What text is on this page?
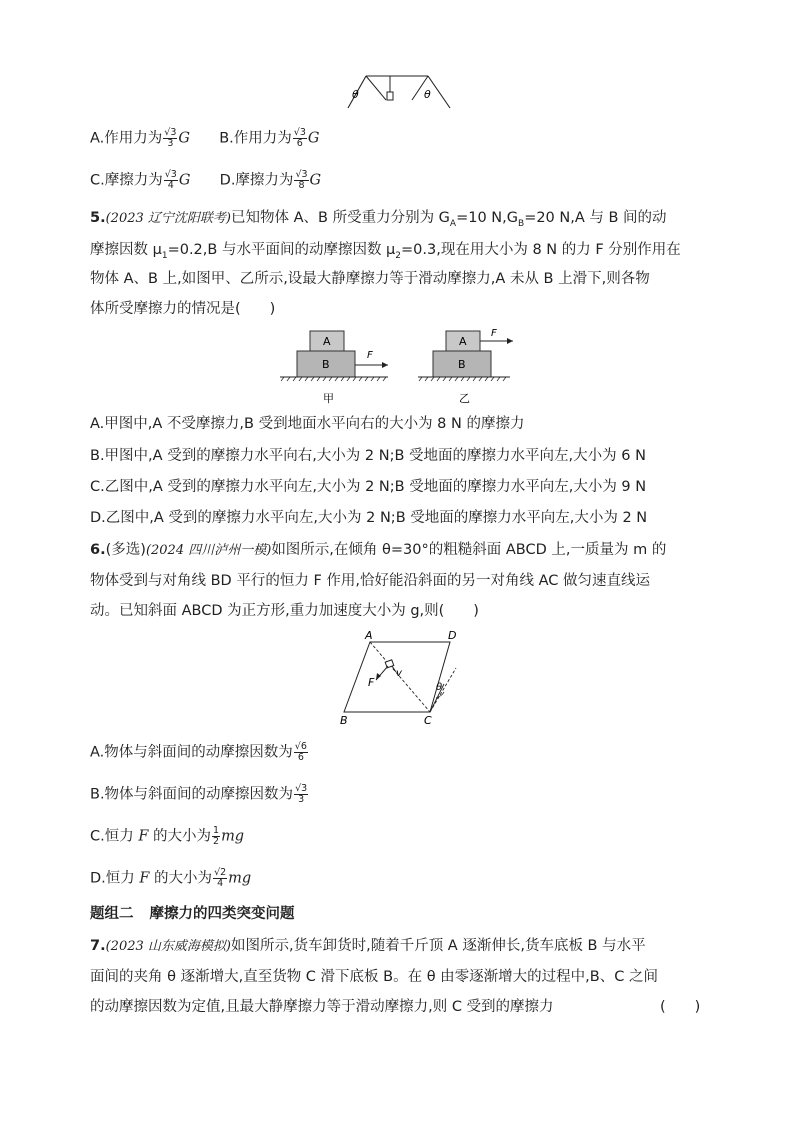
θ	θ
A.作用力为 $\frac{√3}{3}$ G B.作用力为 $\frac{√3}{6}$ G
C.摩擦力为 $\frac{√3}{4}$ G D.摩擦力为 $\frac{√3}{8}$ G
5.(2023 辽宁沈阳联考)已知物体 A、B 所受重力分别为 $G_A=10$ $N,G_B=20$ N,A 与 B 间的动
摩擦因数 $\mu_1=0.2,B$ 与水平面间的动摩擦因数 $\mu_2=0.3$,现在用大小为 8 N 的力 F 分别作用在
物体 A、B 上,如图甲、乙所示,设最大静摩擦力等于滑动摩擦力,A 未从 B 上滑下,则各物
体所受摩擦力的情况是(　　)
A
B
F
甲
A
F
B
乙
A.甲图中,A 不受摩擦力,B 受到地面水平向右的大小为 8 N 的摩擦力
B.甲图中,A 受到的摩擦力水平向右,大小为 2 N;B 受地面的摩擦力水平向左,大小为 6 N
C.乙图中,A 受到的摩擦力水平向左,大小为 2 N;B 受地面的摩擦力水平向左,大小为 9 N
D.乙图中,A 受到的摩擦力水平向左,大小为 2 N;B 受地面的摩擦力水平向左,大小为 2 N
6.(多选)(2024 四川泸州一模)如图所示,在倾角 θ=30°的粗糙斜面 ABCD 上,一质量为 m 的
物体受到与对角线 BD 平行的恒力 F 作用,恰好能沿斜面的另一对角线 AC 做匀速直线运
动。已知斜面 ABCD 为正方形,重力加速度大小为 g,则(　　)
A	D
B	C
F
v
θ
A.物体与斜面间的动摩擦因数为 $\frac{√6}{6}$
B.物体与斜面间的动摩擦因数为 $\frac{√3}{3}$
C.恒力 F 的大小为 $\frac{1}{2}$ mg
D.恒力 F 的大小为 $\frac{√2}{4}$ mg
题组二 摩擦力的四类突变问题
7.(2023 山东威海模拟)如图所示,货车卸货时,随着千斤顶 A 逐渐伸长,货车底板 B 与水平
面间的夹角 θ 逐渐增大,直至货物 C 滑下底板 B。在 θ 由零逐渐增大的过程中,B、C 之间
的动摩擦因数为定值,且最大静摩擦力等于滑动摩擦力,则 C 受到的摩擦力	(　　)
